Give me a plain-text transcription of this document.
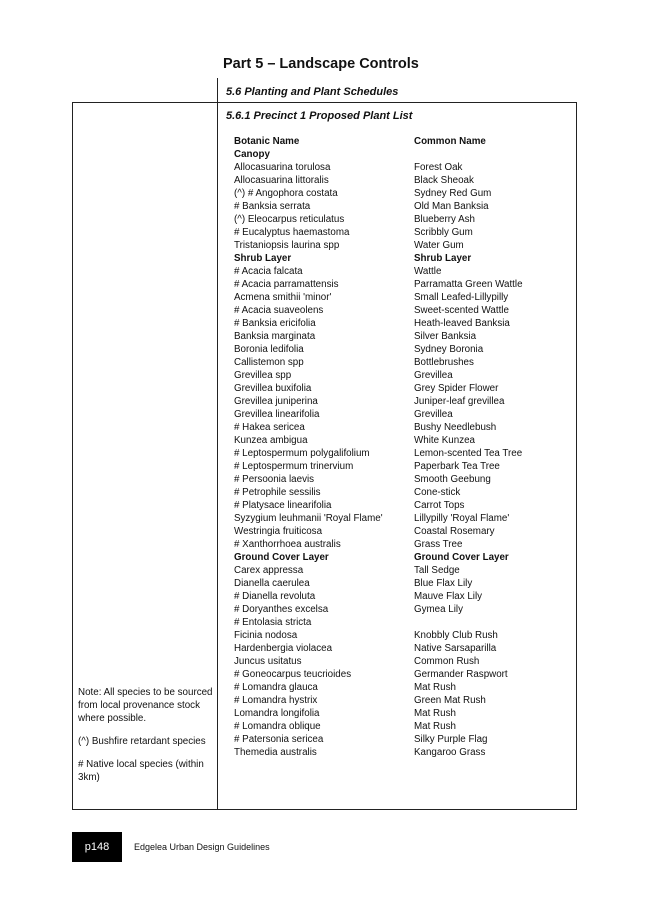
Part 5 – Landscape Controls
5.6 Planting and Plant Schedules
5.6.1 Precinct 1 Proposed Plant List
Botanic Name	Common Name
Canopy
Allocasuarina torulosa	Forest Oak
Allocasuarina littoralis	Black Sheoak
(^) # Angophora costata	Sydney Red Gum
# Banksia serrata	Old Man Banksia
(^) Eleocarpus reticulatus	Blueberry Ash
# Eucalyptus haemastoma	Scribbly Gum
Tristaniopsis laurina spp	Water Gum
Shrub Layer	Shrub Layer
# Acacia falcata	Wattle
# Acacia parramattensis	Parramatta Green Wattle
Acmena smithii 'minor'	Small Leafed-Lillypilly
# Acacia suaveolens	Sweet-scented Wattle
# Banksia ericifolia	Heath-leaved Banksia
Banksia marginata	Silver Banksia
Boronia ledifolia	Sydney Boronia
Callistemon spp	Bottlebrushes
Grevillea spp	Grevillea
Grevillea buxifolia	Grey Spider Flower
Grevillea juniperina	Juniper-leaf grevillea
Grevillea linearifolia	Grevillea
# Hakea sericea	Bushy Needlebush
Kunzea ambigua	White Kunzea
# Leptospermum polygalifolium	Lemon-scented Tea Tree
# Leptospermum trinervium	Paperbark Tea Tree
# Persoonia laevis	Smooth Geebung
# Petrophile sessilis	Cone-stick
# Platysace linearifolia	Carrot Tops
Syzygium leuhmanii 'Royal Flame'	Lillypilly 'Royal Flame'
Westringia fruiticosa	Coastal Rosemary
# Xanthorrhoea australis	Grass Tree
Ground Cover Layer	Ground Cover Layer
Carex appressa	Tall Sedge
Dianella caerulea	Blue Flax Lily
# Dianella revoluta	Mauve Flax Lily
# Doryanthes excelsa	Gymea Lily
# Entolasia stricta
Ficinia nodosa	Knobbly Club Rush
Hardenbergia violacea	Native Sarsaparilla
Juncus usitatus	Common Rush
# Goneocarpus teucrioides	Germander Raspwort
# Lomandra glauca	Mat Rush
# Lomandra hystrix	Green Mat Rush
Lomandra longifolia	Mat Rush
# Lomandra oblique	Mat Rush
# Patersonia sericea	Silky Purple Flag
Themedia australis	Kangaroo Grass

Note: All species to be sourced from local provenance stock where possible.

(^) Bushfire retardant species

# Native local species (within 3km)

p148	Edgelea Urban Design Guidelines
